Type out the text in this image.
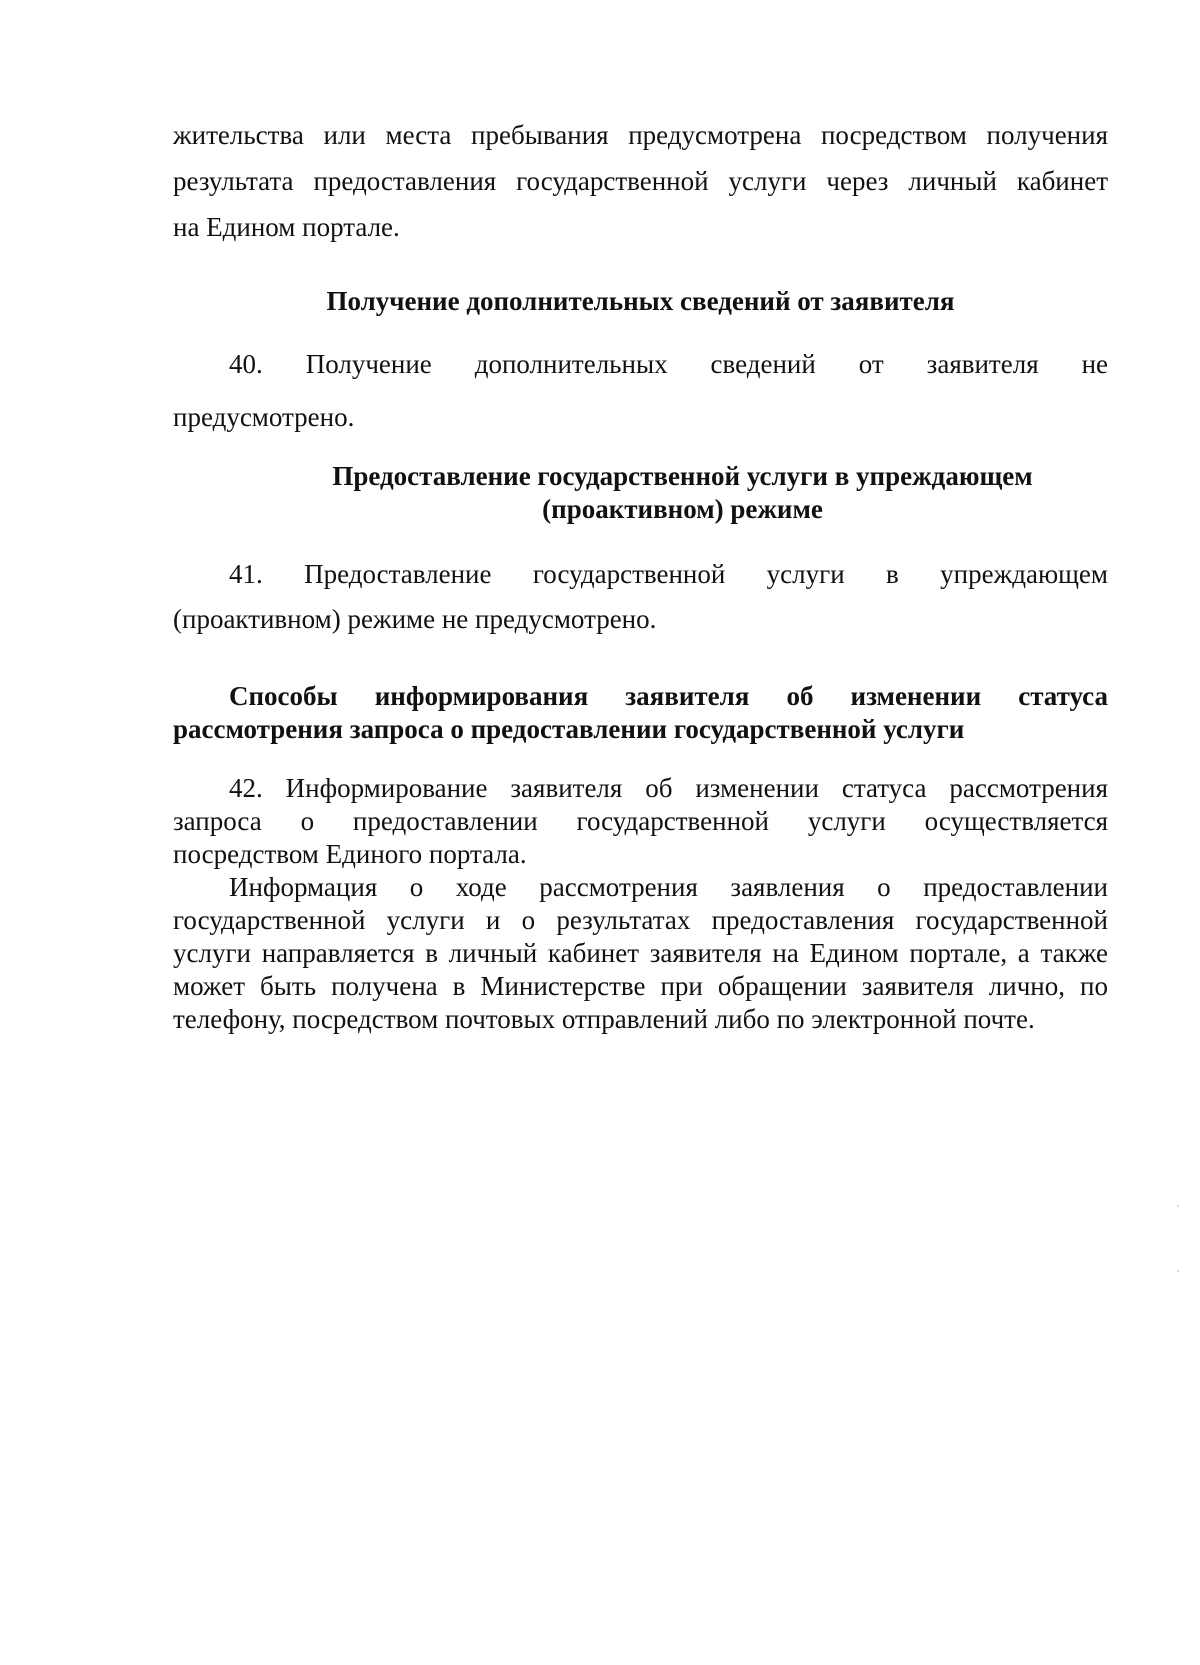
жительства или места пребывания предусмотрена посредством получения
результата предоставления государственной услуги через личный кабинет
на Едином портале.
Получение дополнительных сведений от заявителя
40. Получение дополнительных сведений от заявителя не
предусмотрено.
Предоставление государственной услуги в упреждающем
(проактивном) режиме
41. Предоставление государственной услуги в упреждающем
(проактивном) режиме не предусмотрено.
Способы информирования заявителя об изменении статуса
рассмотрения запроса о предоставлении государственной услуги
42. Информирование заявителя об изменении статуса рассмотрения
запроса о предоставлении государственной услуги осуществляется
посредством Единого портала.
Информация о ходе рассмотрения заявления о предоставлении
государственной услуги и о результатах предоставления государственной
услуги направляется в личный кабинет заявителя на Едином портале, а также
может быть получена в Министерстве при обращении заявителя лично, по
телефону, посредством почтовых отправлений либо по электронной почте.
